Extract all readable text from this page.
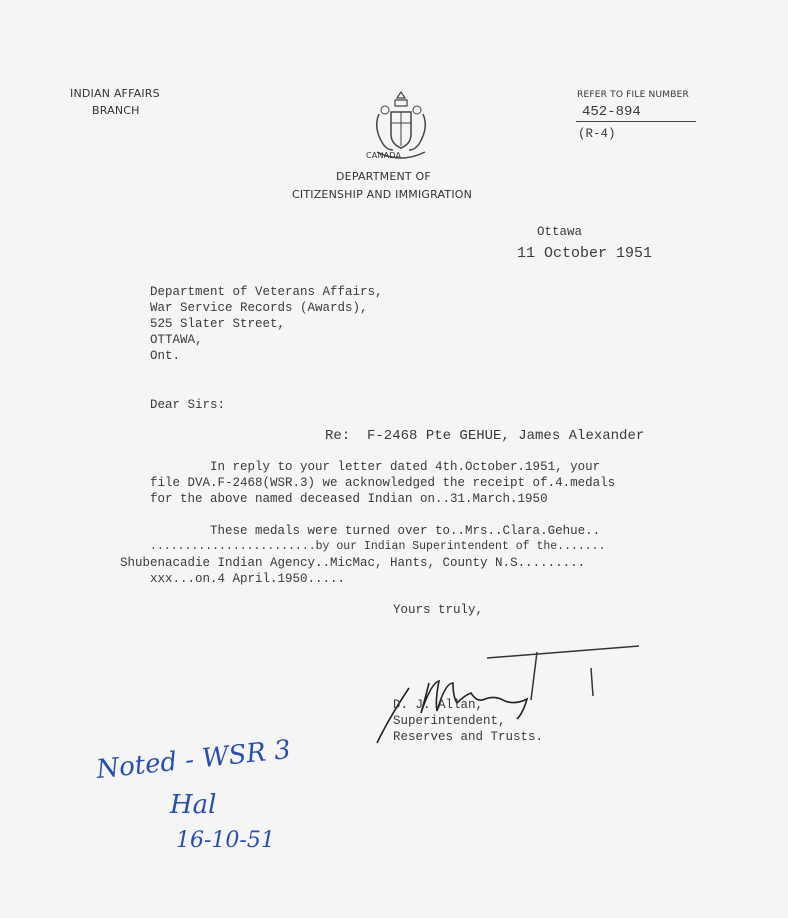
INDIAN AFFAIRS
BRANCH

CANADA
DEPARTMENT OF
CITIZENSHIP AND IMMIGRATION
REFER TO FILE NUMBER
452-894
(R-4)
Ottawa
11 October 1951
Department of Veterans Affairs,
War Service Records (Awards),
525 Slater Street,
OTTAWA,
Ont.
Dear Sirs:
Re:  F-2468 Pte GEHUE, James Alexander
In reply to your letter dated 4th.October.1951, your
file DVA.F-2468(WSR.3) we acknowledged the receipt of.4.medals
for the above named deceased Indian on..31.March.1950
These medals were turned over to..Mrs..Clara.Gehue..
........................by our Indian Superintendent of the.......
Shubenacadie Indian Agency..MicMac, Hants, County N.S.........
xxx...on.4 April.1950.....
Yours truly,

D. J. Allan,
Superintendent,
Reserves and Trusts.
Noted - WSR 3
Hal
16-10-51
